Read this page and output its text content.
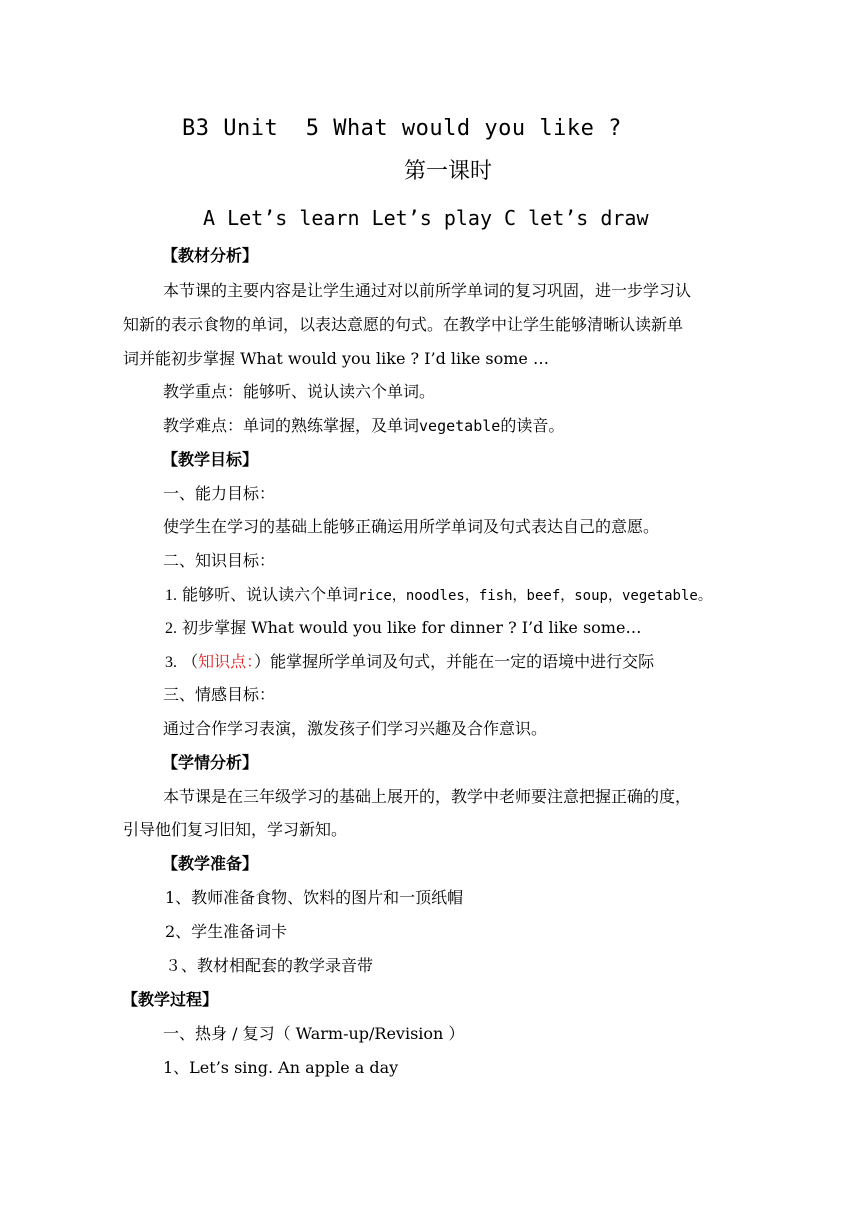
B3 Unit  5 What would you like ?
第一课时
A Let’s learn Let’s play C let’s draw
【教材分析】
本节课的主要内容是让学生通过对以前所学单词的复习巩固，进一步学习认
知新的表示食物的单词，以表达意愿的句式。在教学中让学生能够清晰认读新单
词并能初步掌握 What would you like ? I’d like some …
教学重点：能够听、说认读六个单词。
教学难点：单词的熟练掌握，及单词vegetable的读音。
【教学目标】
一、能力目标：
使学生在学习的基础上能够正确运用所学单词及句式表达自己的意愿。
二、知识目标：
1. 能够听、说认读六个单词rice，noodles，fish，beef，soup，vegetable。
2. 初步掌握 What would you like for dinner ? I’d like some…
3. （知识点：）能掌握所学单词及句式，并能在一定的语境中进行交际
三、情感目标：
通过合作学习表演，激发孩子们学习兴趣及合作意识。
【学情分析】
本节课是在三年级学习的基础上展开的，教学中老师要注意把握正确的度，
引导他们复习旧知，学习新知。
【教学准备】
1、教师准备食物、饮料的图片和一顶纸帽
2、学生准备词卡
３、教材相配套的教学录音带
【教学过程】
一、热身 / 复习（ Warm-up/Revision ）
1、Let’s sing. An apple a day
